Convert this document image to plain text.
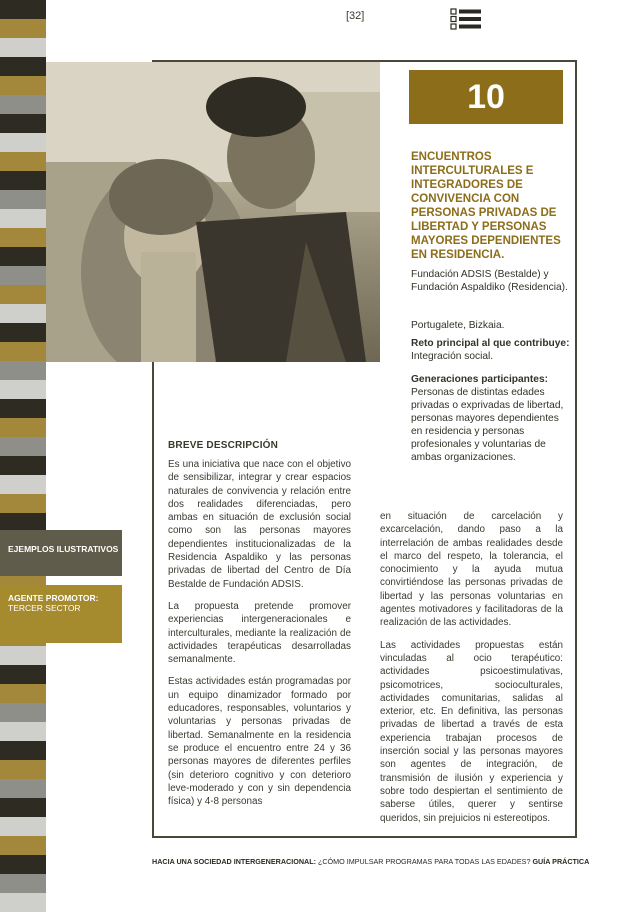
EJEMPLOS ILUSTRATIVOS
AGENTE PROMOTOR:
TERCER SECTOR
[32]
10
ENCUENTROS INTERCULTURALES E INTEGRADORES DE CONVIVENCIA CON PERSONAS PRIVADAS DE LIBERTAD Y PERSONAS MAYORES DEPENDIENTES EN RESIDENCIA.
Fundación ADSIS (Bestalde) y Fundación Aspaldiko (Residencia).
Portugalete, Bizkaia.
Reto principal al que contribuye: Integración social.
Generaciones participantes: Personas de distintas edades privadas o exprivadas de libertad, personas mayores dependientes en residencia y personas profesionales y voluntarias de ambas organizaciones.
BREVE DESCRIPCIÓN

Es una iniciativa que nace con el objetivo de sensibilizar, integrar y crear espacios naturales de convivencia y relación entre dos realidades diferenciadas, pero ambas en situación de exclusión social como son las personas mayores dependientes institucionalizadas de la Residencia Aspaldiko y las personas privadas de libertad del Centro de Día Bestalde de Fundación ADSIS.

La propuesta pretende promover experiencias intergeneracionales e interculturales, mediante la realización de actividades terapéuticas desarrolladas semanalmente.

Estas actividades están programadas por un equipo dinamizador formado por educadores, responsables, voluntarios y voluntarias y personas privadas de libertad. Semanalmente en la residencia se produce el encuentro entre 24 y 36 personas mayores de diferentes perfiles (sin deterioro cognitivo y con deterioro leve-moderado y con y sin dependencia física) y 4-8 personas

en situación de carcelación y excarcelación, dando paso a la interrelación de ambas realidades desde el marco del respeto, la tolerancia, el conocimiento y la ayuda mutua convirtiéndose las personas privadas de libertad y las personas voluntarias en agentes motivadores y facilitadoras de la realización de las actividades.

Las actividades propuestas están vinculadas al ocio terapéutico: actividades psicoestimulativas, psicomotrices, socioculturales, actividades comunitarias, salidas al exterior, etc. En definitiva, las personas privadas de libertad a través de esta experiencia trabajan procesos de inserción social y las personas mayores son agentes de integración, de transmisión de ilusión y experiencia y sobre todo despiertan el sentimiento de saberse útiles, querer y sentirse queridos, sin prejuicios ni estereotipos.

HACIA UNA SOCIEDAD INTERGENERACIONAL: ¿CÓMO IMPULSAR PROGRAMAS PARA TODAS LAS EDADES? GUÍA PRÁCTICA
